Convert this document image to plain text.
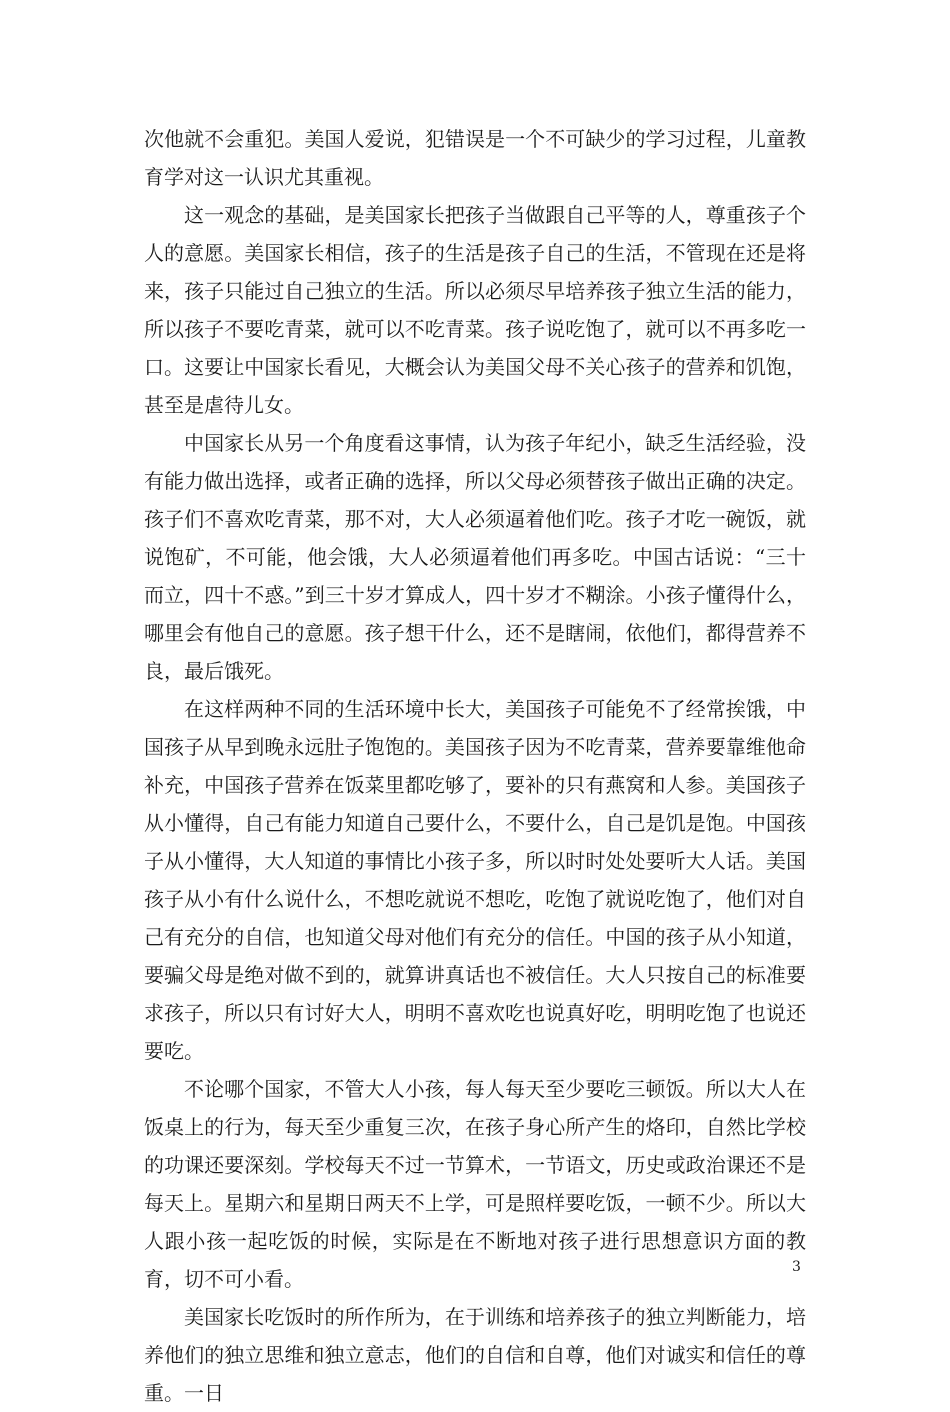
次他就不会重犯。美国人爱说，犯错误是一个不可缺少的学习过程，儿童教育学对这一认识尤其重视。

这一观念的基础，是美国家长把孩子当做跟自己平等的人，尊重孩子个人的意愿。美国家长相信，孩子的生活是孩子自己的生活，不管现在还是将来，孩子只能过自己独立的生活。所以必须尽早培养孩子独立生活的能力，所以孩子不要吃青菜，就可以不吃青菜。孩子说吃饱了，就可以不再多吃一口。这要让中国家长看见，大概会认为美国父母不关心孩子的营养和饥饱，甚至是虐待儿女。

中国家长从另一个角度看这事情，认为孩子年纪小，缺乏生活经验，没有能力做出选择，或者正确的选择，所以父母必须替孩子做出正确的决定。孩子们不喜欢吃青菜，那不对，大人必须逼着他们吃。孩子才吃一碗饭，就说饱矿，不可能，他会饿，大人必须逼着他们再多吃。中国古话说：“三十而立，四十不惑。”到三十岁才算成人，四十岁才不糊涂。小孩子懂得什么，哪里会有他自己的意愿。孩子想干什么，还不是瞎闹，依他们，都得营养不良，最后饿死。

在这样两种不同的生活环境中长大，美国孩子可能免不了经常挨饿，中国孩子从早到晚永远肚子饱饱的。美国孩子因为不吃青菜，营养要靠维他命补充，中国孩子营养在饭菜里都吃够了，要补的只有燕窝和人参。美国孩子从小懂得，自己有能力知道自己要什么，不要什么，自己是饥是饱。中国孩子从小懂得，大人知道的事情比小孩子多，所以时时处处要听大人话。美国孩子从小有什么说什么，不想吃就说不想吃，吃饱了就说吃饱了，他们对自己有充分的自信，也知道父母对他们有充分的信任。中国的孩子从小知道，要骗父母是绝对做不到的，就算讲真话也不被信任。大人只按自己的标准要求孩子，所以只有讨好大人，明明不喜欢吃也说真好吃，明明吃饱了也说还要吃。

不论哪个国家，不管大人小孩，每人每天至少要吃三顿饭。所以大人在饭桌上的行为，每天至少重复三次，在孩子身心所产生的烙印，自然比学校的功课还要深刻。学校每天不过一节算术，一节语文，历史或政治课还不是每天上。星期六和星期日两天不上学，可是照样要吃饭，一顿不少。所以大人跟小孩一起吃饭的时候，实际是在不断地对孩子进行思想意识方面的教育，切不可小看。

美国家长吃饭时的所作所为，在于训练和培养孩子的独立判断能力，培养他们的独立思维和独立意志，他们的自信和自尊，他们对诚实和信任的尊重。一日

3
